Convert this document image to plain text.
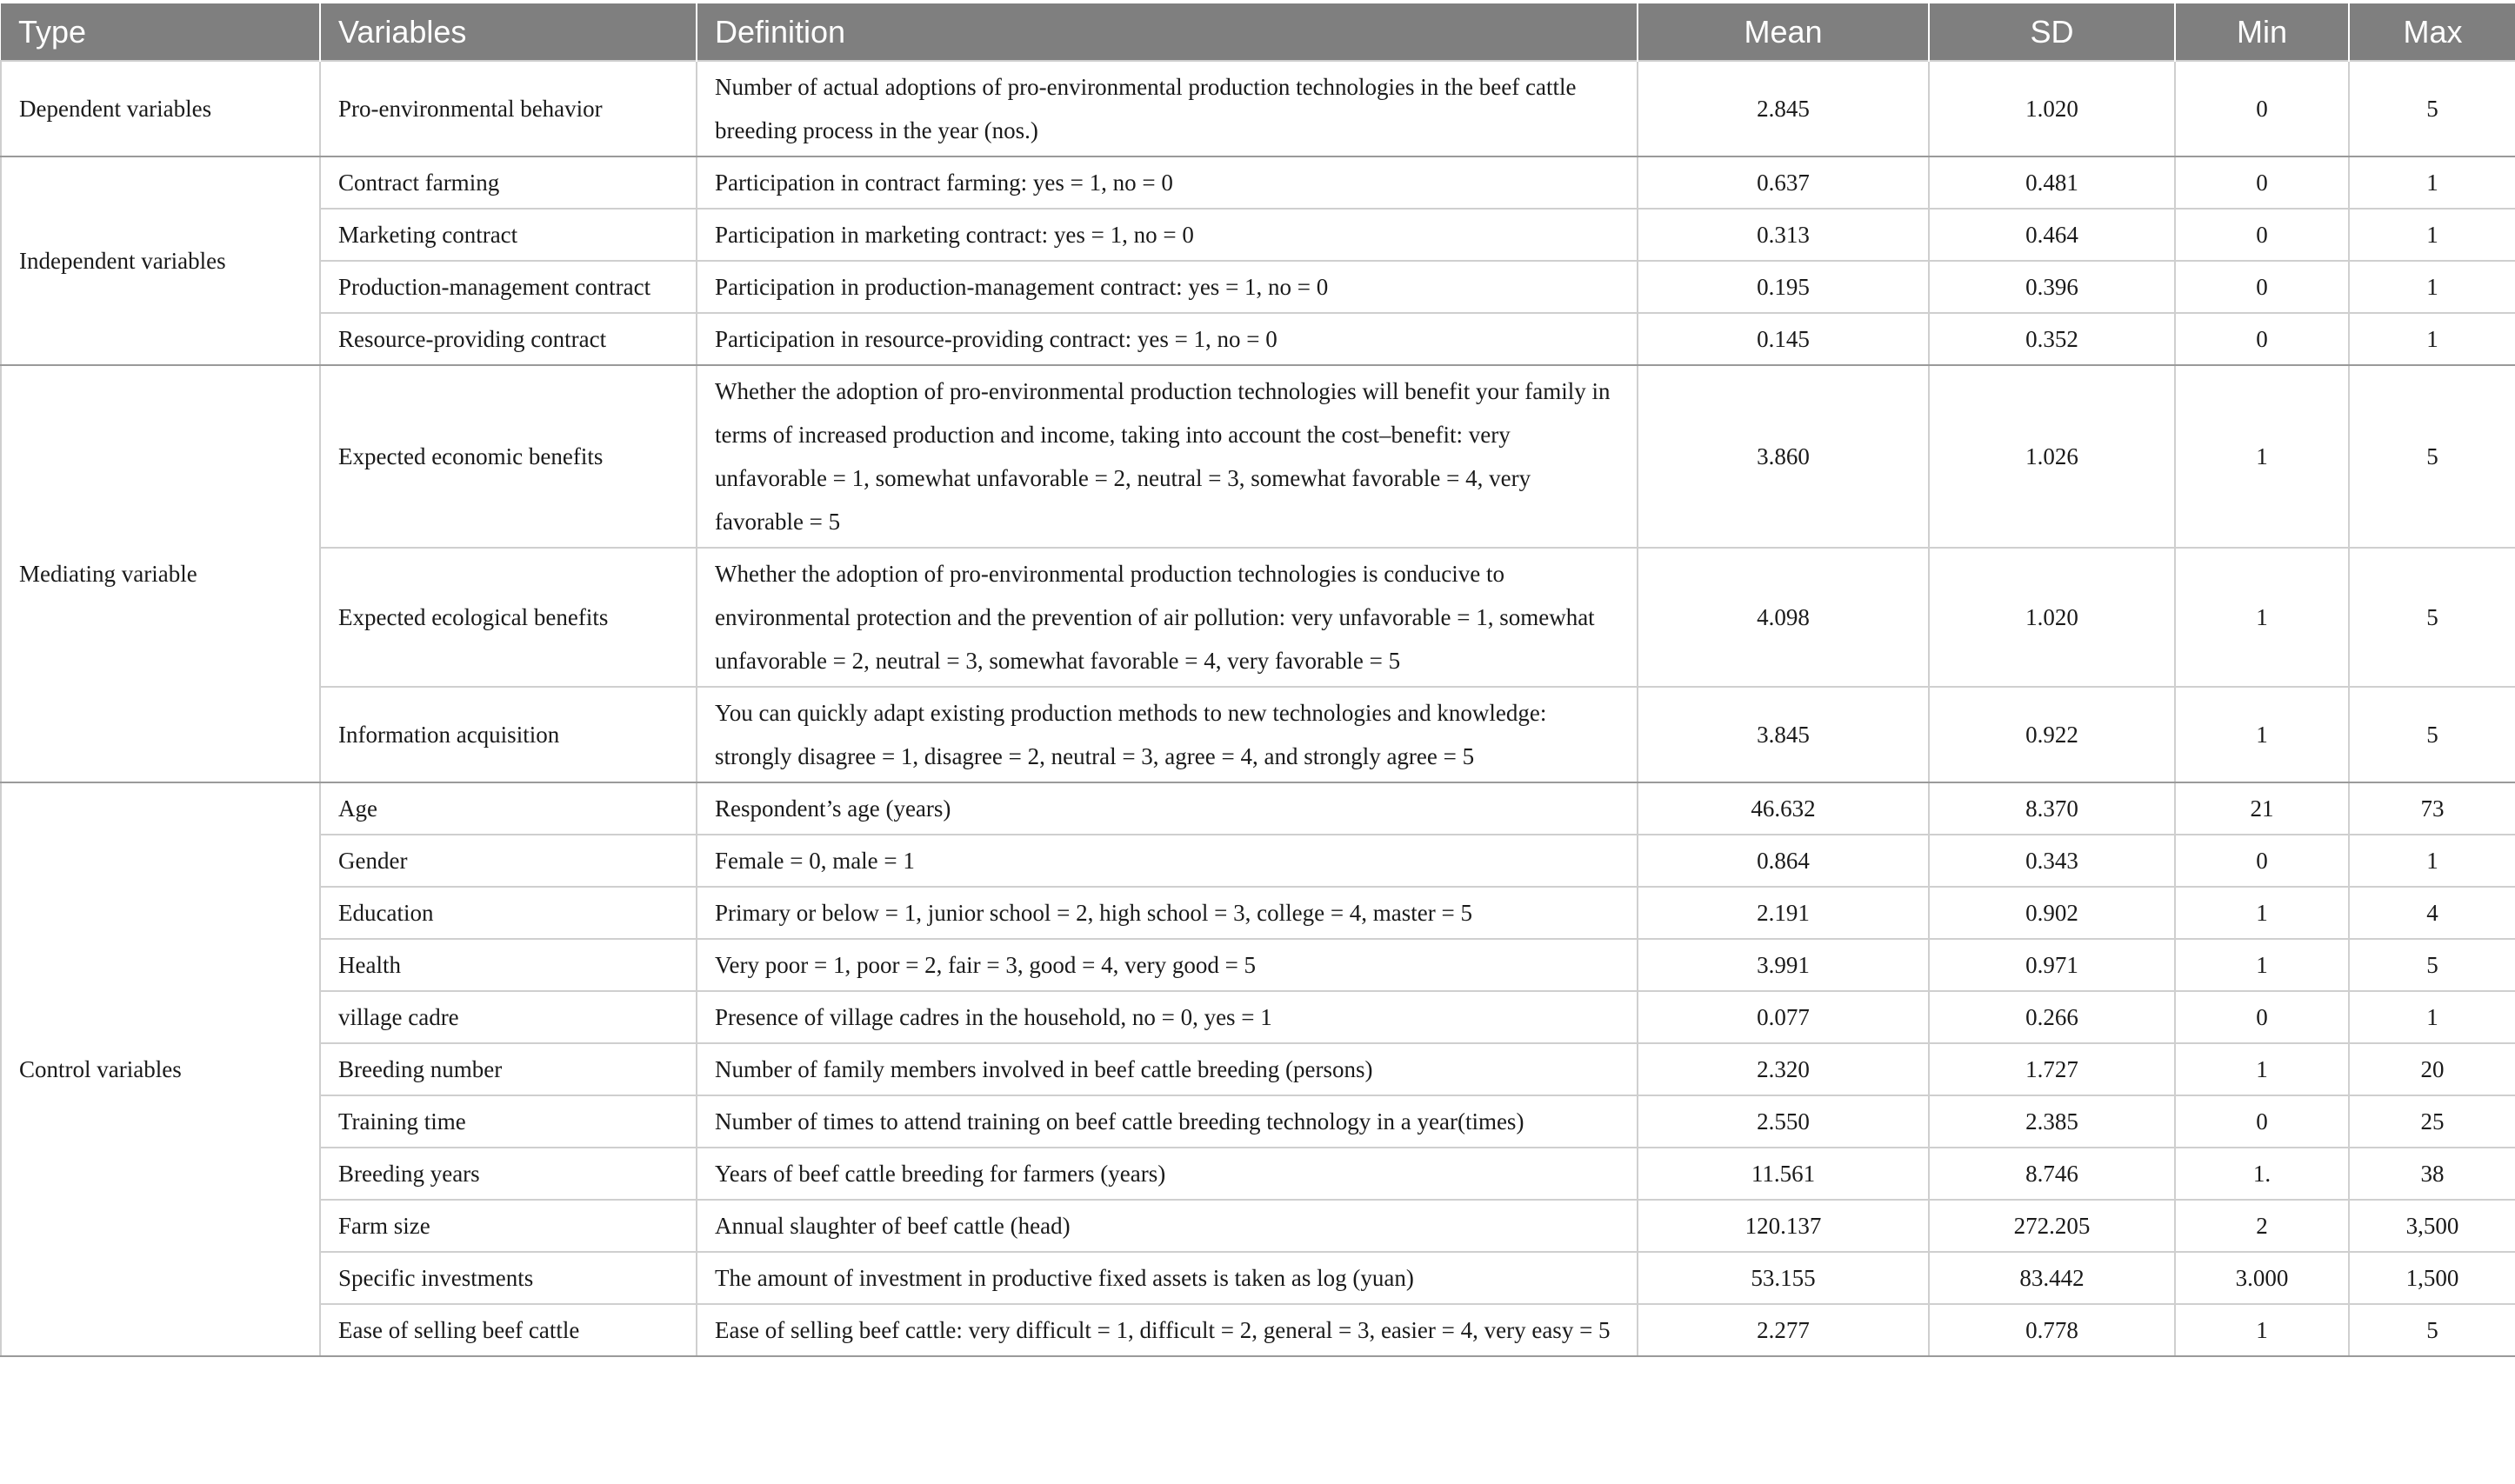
Type	Variables	Definition	Mean	SD	Min	Max
Dependent variables	Pro-environmental behavior	Number of actual adoptions of pro-environmental production technologies in the beef cattle breeding process in the year (nos.)	2.845	1.020	0	5
Independent variables	Contract farming	Participation in contract farming: yes = 1, no = 0	0.637	0.481	0	1
	Marketing contract	Participation in marketing contract: yes = 1, no = 0	0.313	0.464	0	1
	Production-management contract	Participation in production-management contract: yes = 1, no = 0	0.195	0.396	0	1
	Resource-providing contract	Participation in resource-providing contract: yes = 1, no = 0	0.145	0.352	0	1
Mediating variable	Expected economic benefits	Whether the adoption of pro-environmental production technologies will benefit your family in terms of increased production and income, taking into account the cost–benefit: very unfavorable = 1, somewhat unfavorable = 2, neutral = 3, somewhat favorable = 4, very favorable = 5	3.860	1.026	1	5
	Expected ecological benefits	Whether the adoption of pro-environmental production technologies is conducive to environmental protection and the prevention of air pollution: very unfavorable = 1, somewhat unfavorable = 2, neutral = 3, somewhat favorable = 4, very favorable = 5	4.098	1.020	1	5
	Information acquisition	You can quickly adapt existing production methods to new technologies and knowledge: strongly disagree = 1, disagree = 2, neutral = 3, agree = 4, and strongly agree = 5	3.845	0.922	1	5
Control variables	Age	Respondent’s age (years)	46.632	8.370	21	73
	Gender	Female = 0, male = 1	0.864	0.343	0	1
	Education	Primary or below = 1, junior school = 2, high school = 3, college = 4, master = 5	2.191	0.902	1	4
	Health	Very poor = 1, poor = 2, fair = 3, good = 4, very good = 5	3.991	0.971	1	5
	village cadre	Presence of village cadres in the household, no = 0, yes = 1	0.077	0.266	0	1
	Breeding number	Number of family members involved in beef cattle breeding (persons)	2.320	1.727	1	20
	Training time	Number of times to attend training on beef cattle breeding technology in a year(times)	2.550	2.385	0	25
	Breeding years	Years of beef cattle breeding for farmers (years)	11.561	8.746	1.	38
	Farm size	Annual slaughter of beef cattle (head)	120.137	272.205	2	3,500
	Specific investments	The amount of investment in productive fixed assets is taken as log (yuan)	53.155	83.442	3.000	1,500
	Ease of selling beef cattle	Ease of selling beef cattle: very difficult = 1, difficult = 2, general = 3, easier = 4, very easy = 5	2.277	0.778	1	5
